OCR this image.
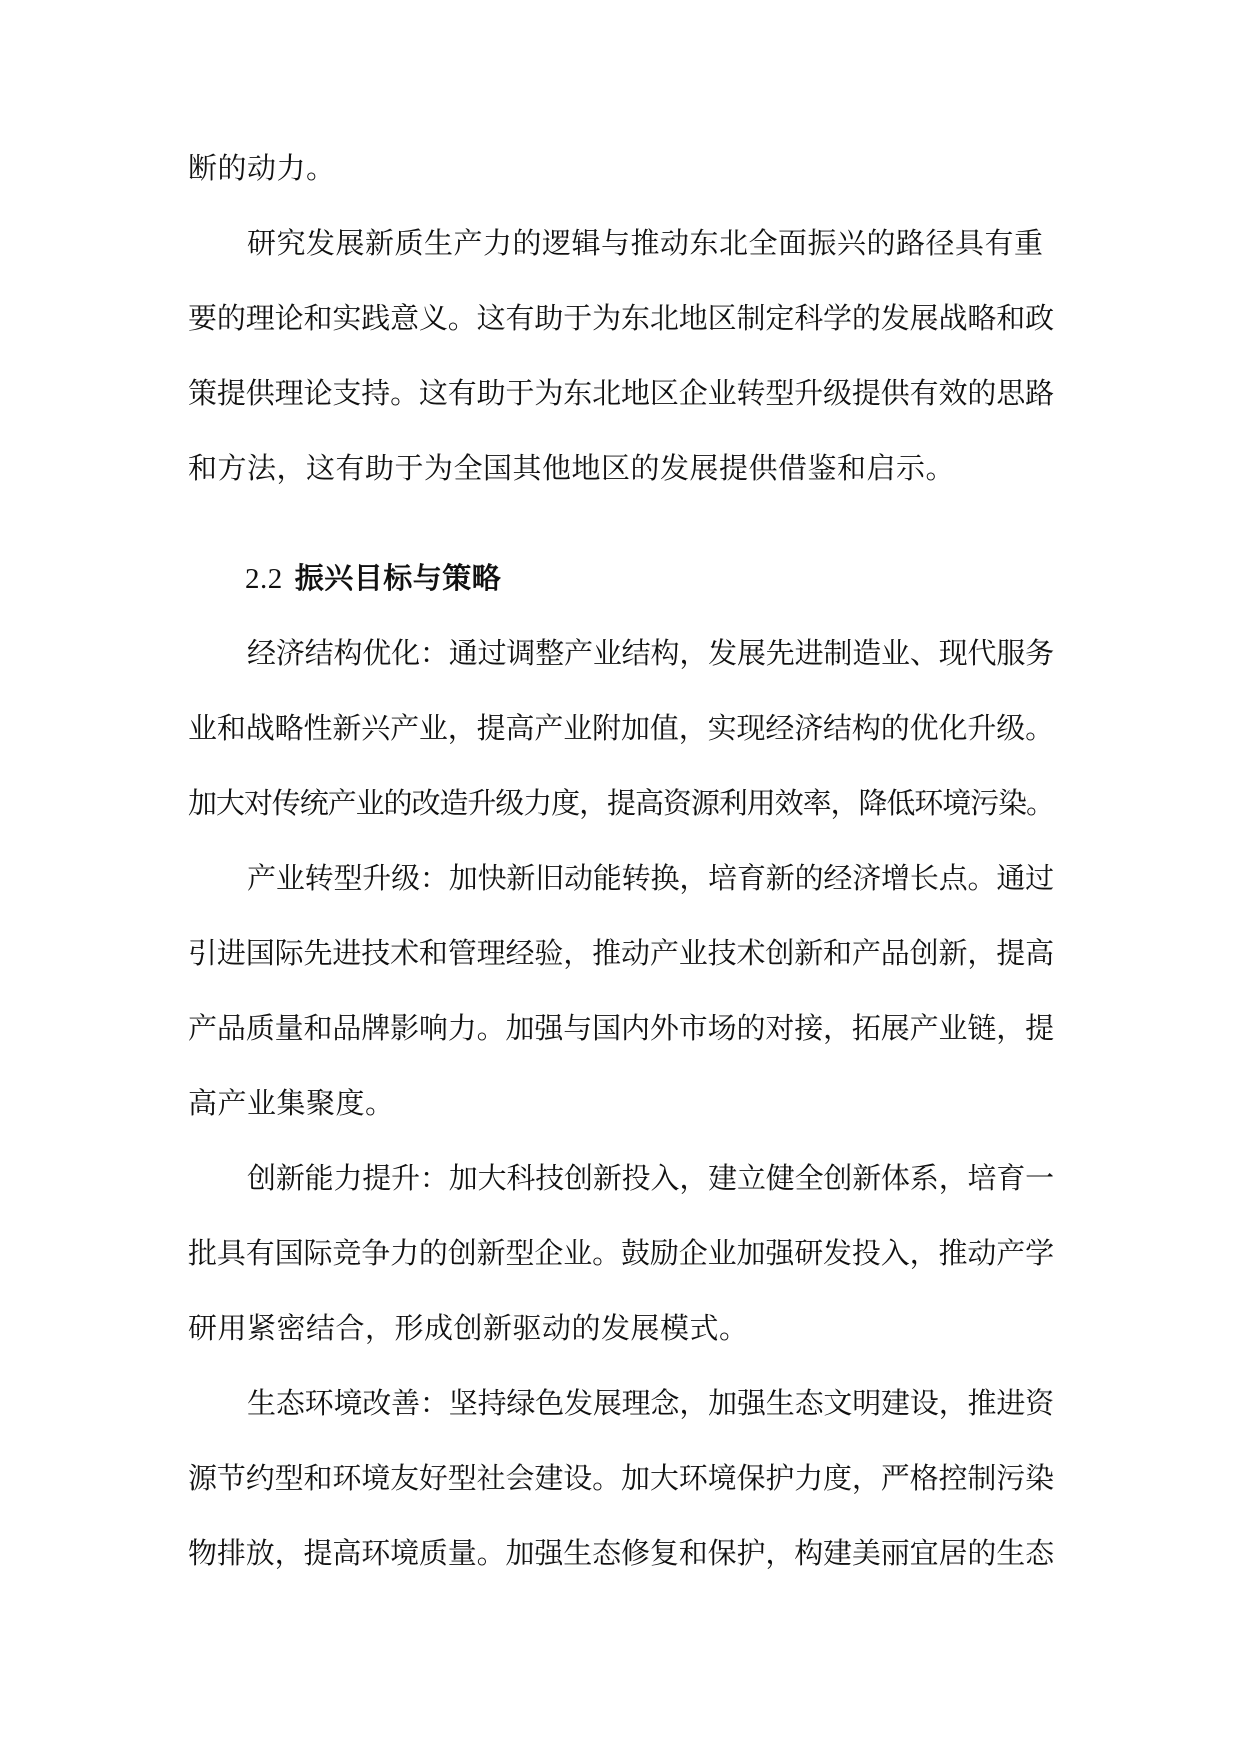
断的动力。
研究发展新质生产力的逻辑与推动东北全面振兴的路径具有重
要的理论和实践意义。这有助于为东北地区制定科学的发展战略和政
策提供理论支持。这有助于为东北地区企业转型升级提供有效的思路
和方法，这有助于为全国其他地区的发展提供借鉴和启示。
2.2 振兴目标与策略
经济结构优化：通过调整产业结构，发展先进制造业、现代服务
业和战略性新兴产业，提高产业附加值，实现经济结构的优化升级。
加大对传统产业的改造升级力度，提高资源利用效率，降低环境污染。
产业转型升级：加快新旧动能转换，培育新的经济增长点。通过
引进国际先进技术和管理经验，推动产业技术创新和产品创新，提高
产品质量和品牌影响力。加强与国内外市场的对接，拓展产业链，提
高产业集聚度。
创新能力提升：加大科技创新投入，建立健全创新体系，培育一
批具有国际竞争力的创新型企业。鼓励企业加强研发投入，推动产学
研用紧密结合，形成创新驱动的发展模式。
生态环境改善：坚持绿色发展理念，加强生态文明建设，推进资
源节约型和环境友好型社会建设。加大环境保护力度，严格控制污染
物排放，提高环境质量。加强生态修复和保护，构建美丽宜居的生态
